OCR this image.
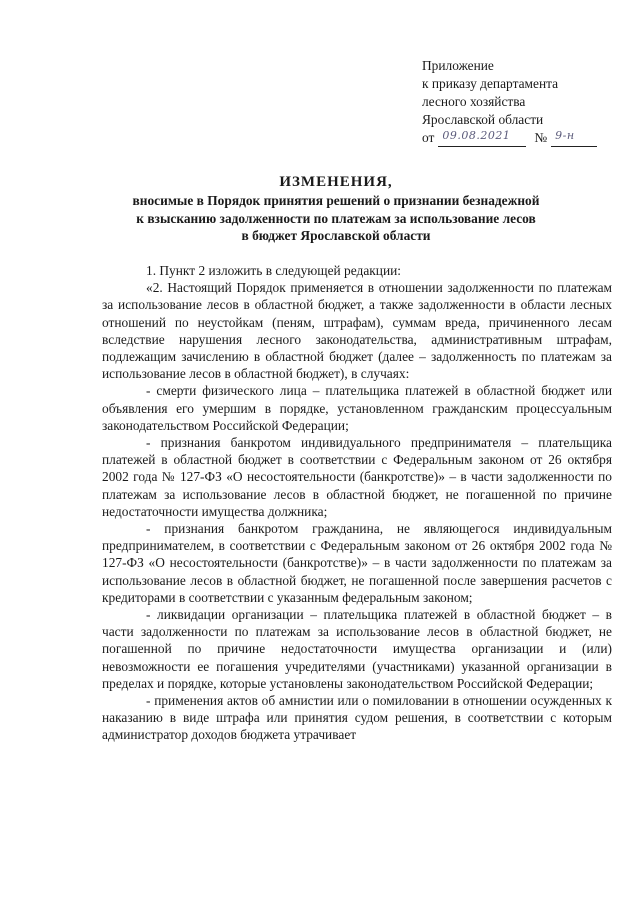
Приложение
к приказу департамента
лесного хозяйства
Ярославской области
от 09.08.2021 № 9-н
ИЗМЕНЕНИЯ,
вносимые в Порядок принятия решений о признании безнадежной
к взысканию задолженности по платежам за использование лесов
в бюджет Ярославской области

1. Пункт 2 изложить в следующей редакции:

«2. Настоящий Порядок применяется в отношении задолженности по платежам за использование лесов в областной бюджет, а также задолженности в области лесных отношений по неустойкам (пеням, штрафам), суммам вреда, причиненного лесам вследствие нарушения лесного законодательства, административным штрафам, подлежащим зачислению в областной бюджет (далее – задолженность по платежам за использование лесов в областной бюджет), в случаях:

- смерти физического лица – плательщика платежей в областной бюджет или объявления его умершим в порядке, установленном гражданским процессуальным законодательством Российской Федерации;

- признания банкротом индивидуального предпринимателя – плательщика платежей в областной бюджет в соответствии с Федеральным законом от 26 октября 2002 года № 127-ФЗ «О несостоятельности (банкротстве)» – в части задолженности по платежам за использование лесов в областной бюджет, не погашенной по причине недостаточности имущества должника;

- признания банкротом гражданина, не являющегося индивидуальным предпринимателем, в соответствии с Федеральным законом от 26 октября 2002 года № 127-ФЗ «О несостоятельности (банкротстве)» – в части задолженности по платежам за использование лесов в областной бюджет, не погашенной после завершения расчетов с кредиторами в соответствии с указанным федеральным законом;

- ликвидации организации – плательщика платежей в областной бюджет – в части задолженности по платежам за использование лесов в областной бюджет, не погашенной по причине недостаточности имущества организации и (или) невозможности ее погашения учредителями (участниками) указанной организации в пределах и порядке, которые установлены законодательством Российской Федерации;

- применения актов об амнистии или о помиловании в отношении осужденных к наказанию в виде штрафа или принятия судом решения, в соответствии с которым администратор доходов бюджета утрачивает
